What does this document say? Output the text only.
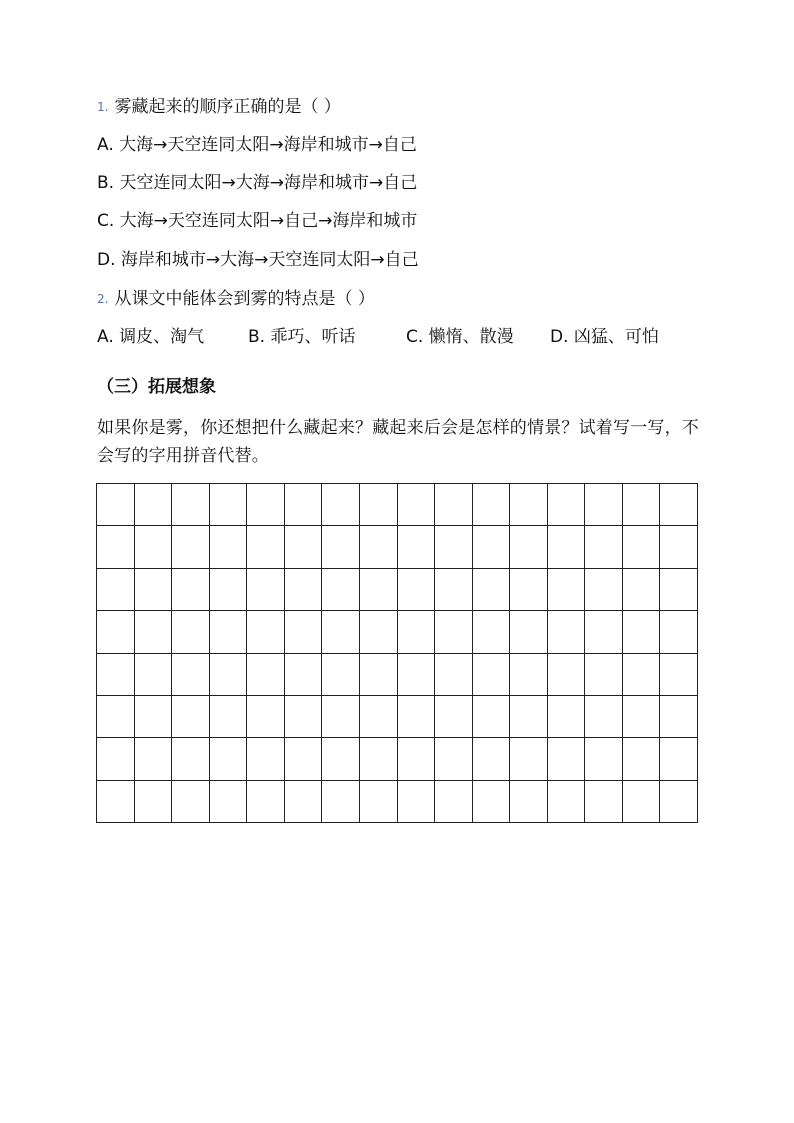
1. 雾藏起来的顺序正确的是（ ）
A. 大海→天空连同太阳→海岸和城市→自己
B. 天空连同太阳→大海→海岸和城市→自己
C. 大海→天空连同太阳→自己→海岸和城市
D. 海岸和城市→大海→天空连同太阳→自己
2. 从课文中能体会到雾的特点是（ ）
A. 调皮、淘气	B. 乖巧、听话	C. 懒惰、散漫 D. 凶猛、可怕
（三）拓展想象
如果你是雾，你还想把什么藏起来？藏起来后会是怎样的情景？试着写一写，不会写的字用拼音代替。
